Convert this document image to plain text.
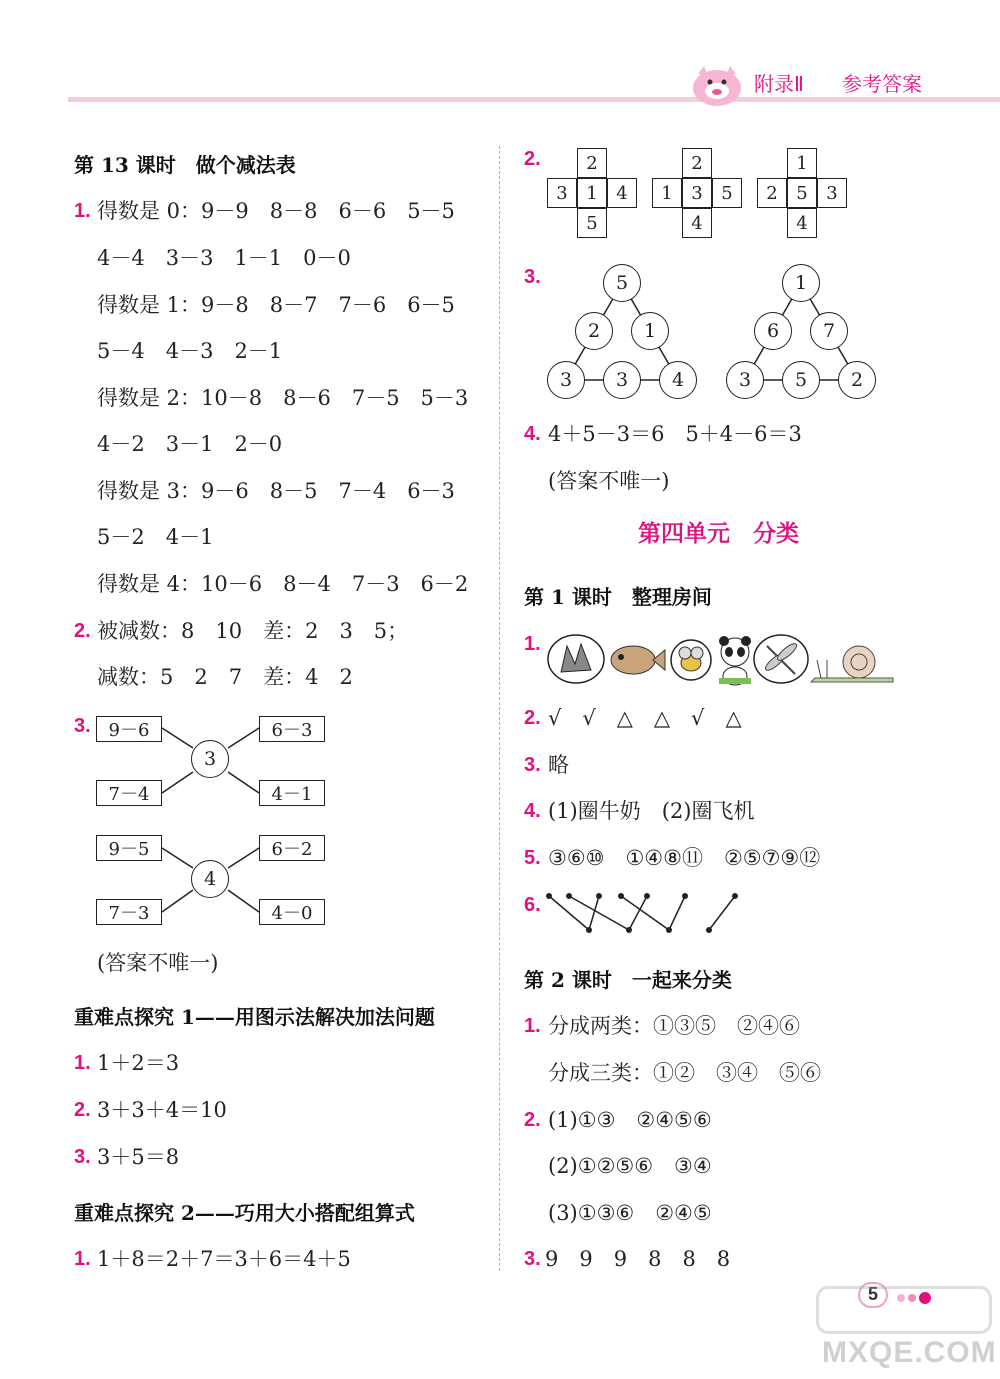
附录Ⅱ 参考答案
第 13 课时　做个减法表
1. 得数是 0：9－9　8－8　6－6　5－5
4－4　3－3　1－1　0－0
得数是 1：9－8　8－7　7－6　6－5
5－4　4－3　2－1
得数是 2：10－8　8－6　7－5　5－3
4－2　3－1　2－0
得数是 3：9－6　8－5　7－4　6－3
5－2　4－1
得数是 4：10－6　8－4　7－3　6－2
2. 被减数：8　10　差：2　3　5；
减数：5　2　7　差：4　2
3. 9－6
7－4
3
6－3
4－1
9－5
7－3
4
6－2
4－0
(答案不唯一)
重难点探究 1——用图示法解决加法问题
1. 1＋2＝3
2. 3＋3＋4＝10
3. 3＋5＝8
重难点探究 2——巧用大小搭配组算式
1. 1＋8＝2＋7＝3＋6＝4＋5
2.	2
3	1	4
5
2
1	3	5
4
1
2	5	3
4
3.	5
2	1
3	3	4
1
6	7
3	5	2
4. 4＋5－3＝6　5＋4－6＝3
(答案不唯一)
第四单元　分类
第 1 课时　整理房间
1.
2. √　√　△　△　√　△
3. 略
4. (1)圈牛奶　(2)圈飞机
5. ③⑥⑩　①④⑧⑪　②⑤⑦⑨⑫
6.
第 2 课时　一起来分类
1. 分成两类：①③⑤　②④⑥
分成三类：①②　③④　⑤⑥
2. (1)①③　②④⑤⑥
(2)①②⑤⑥　③④
(3)①③⑥　②④⑤
3. 9　9　9　8　8　8
5
MXQE.COM
